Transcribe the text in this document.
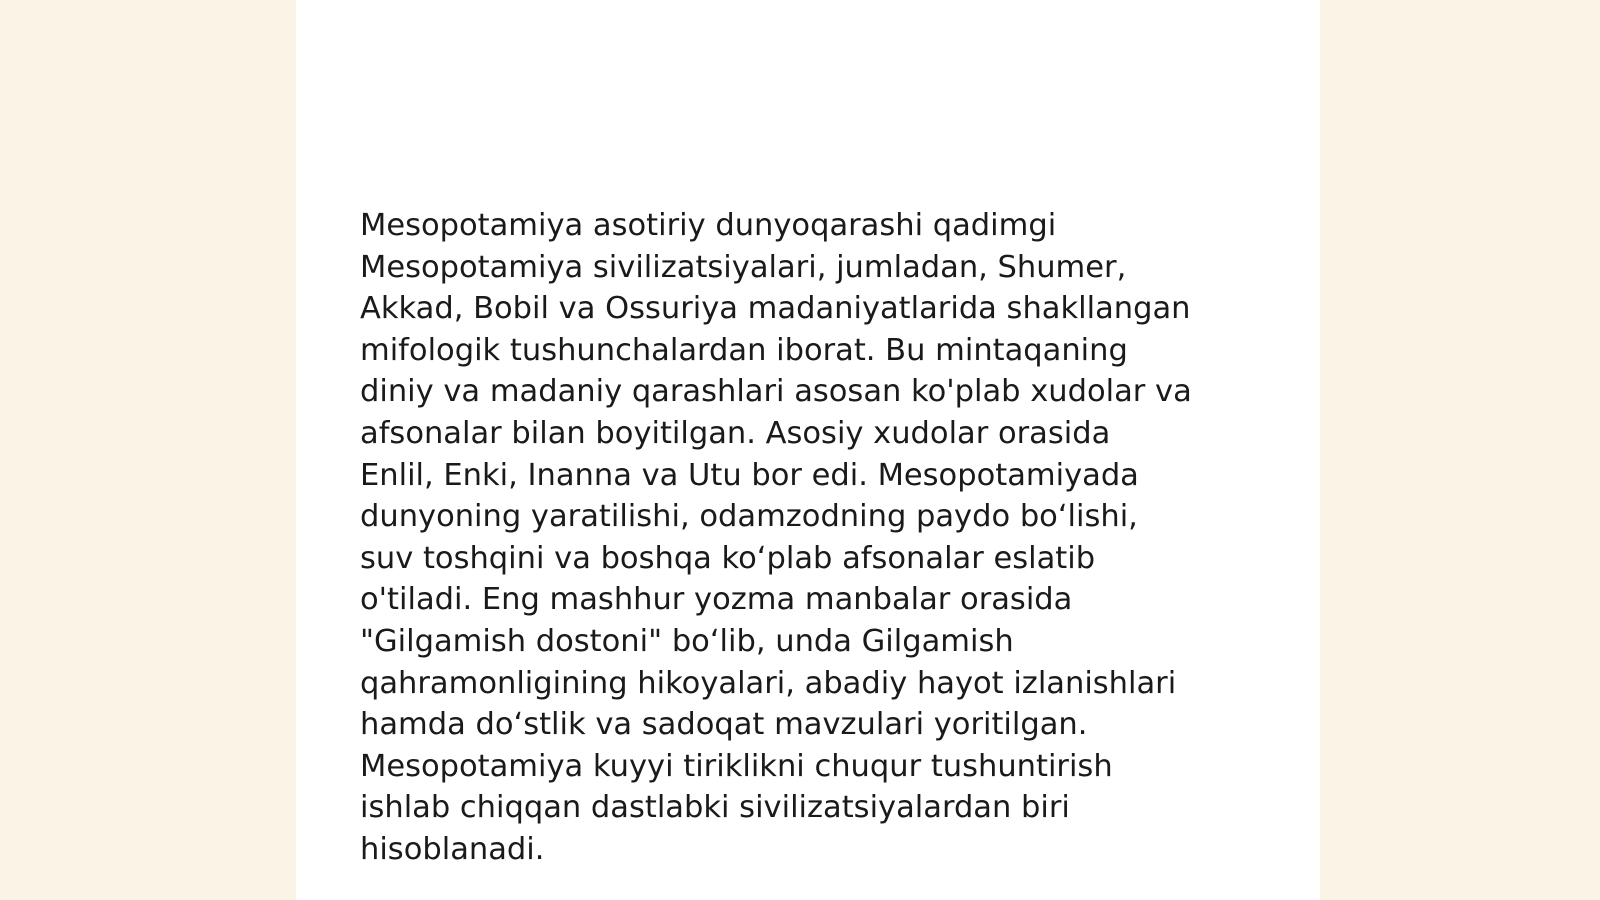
Mesopotamiya asotiriy dunyoqarashi qadimgi
Mesopotamiya sivilizatsiyalari, jumladan, Shumer,
Akkad, Bobil va Ossuriya madaniyatlarida shakllangan
mifologik tushunchalardan iborat. Bu mintaqaning
diniy va madaniy qarashlari asosan ko'plab xudolar va
afsonalar bilan boyitilgan. Asosiy xudolar orasida
Enlil, Enki, Inanna va Utu bor edi. Mesopotamiyada
dunyoning yaratilishi, odamzodning paydo bo‘lishi,
suv toshqini va boshqa ko‘plab afsonalar eslatib
o'tiladi. Eng mashhur yozma manbalar orasida
"Gilgamish dostoni" bo‘lib, unda Gilgamish
qahramonligining hikoyalari, abadiy hayot izlanishlari
hamda do‘stlik va sadoqat mavzulari yoritilgan.
Mesopotamiya kuyyi tiriklikni chuqur tushuntirish
ishlab chiqqan dastlabki sivilizatsiyalardan biri
hisoblanadi.
